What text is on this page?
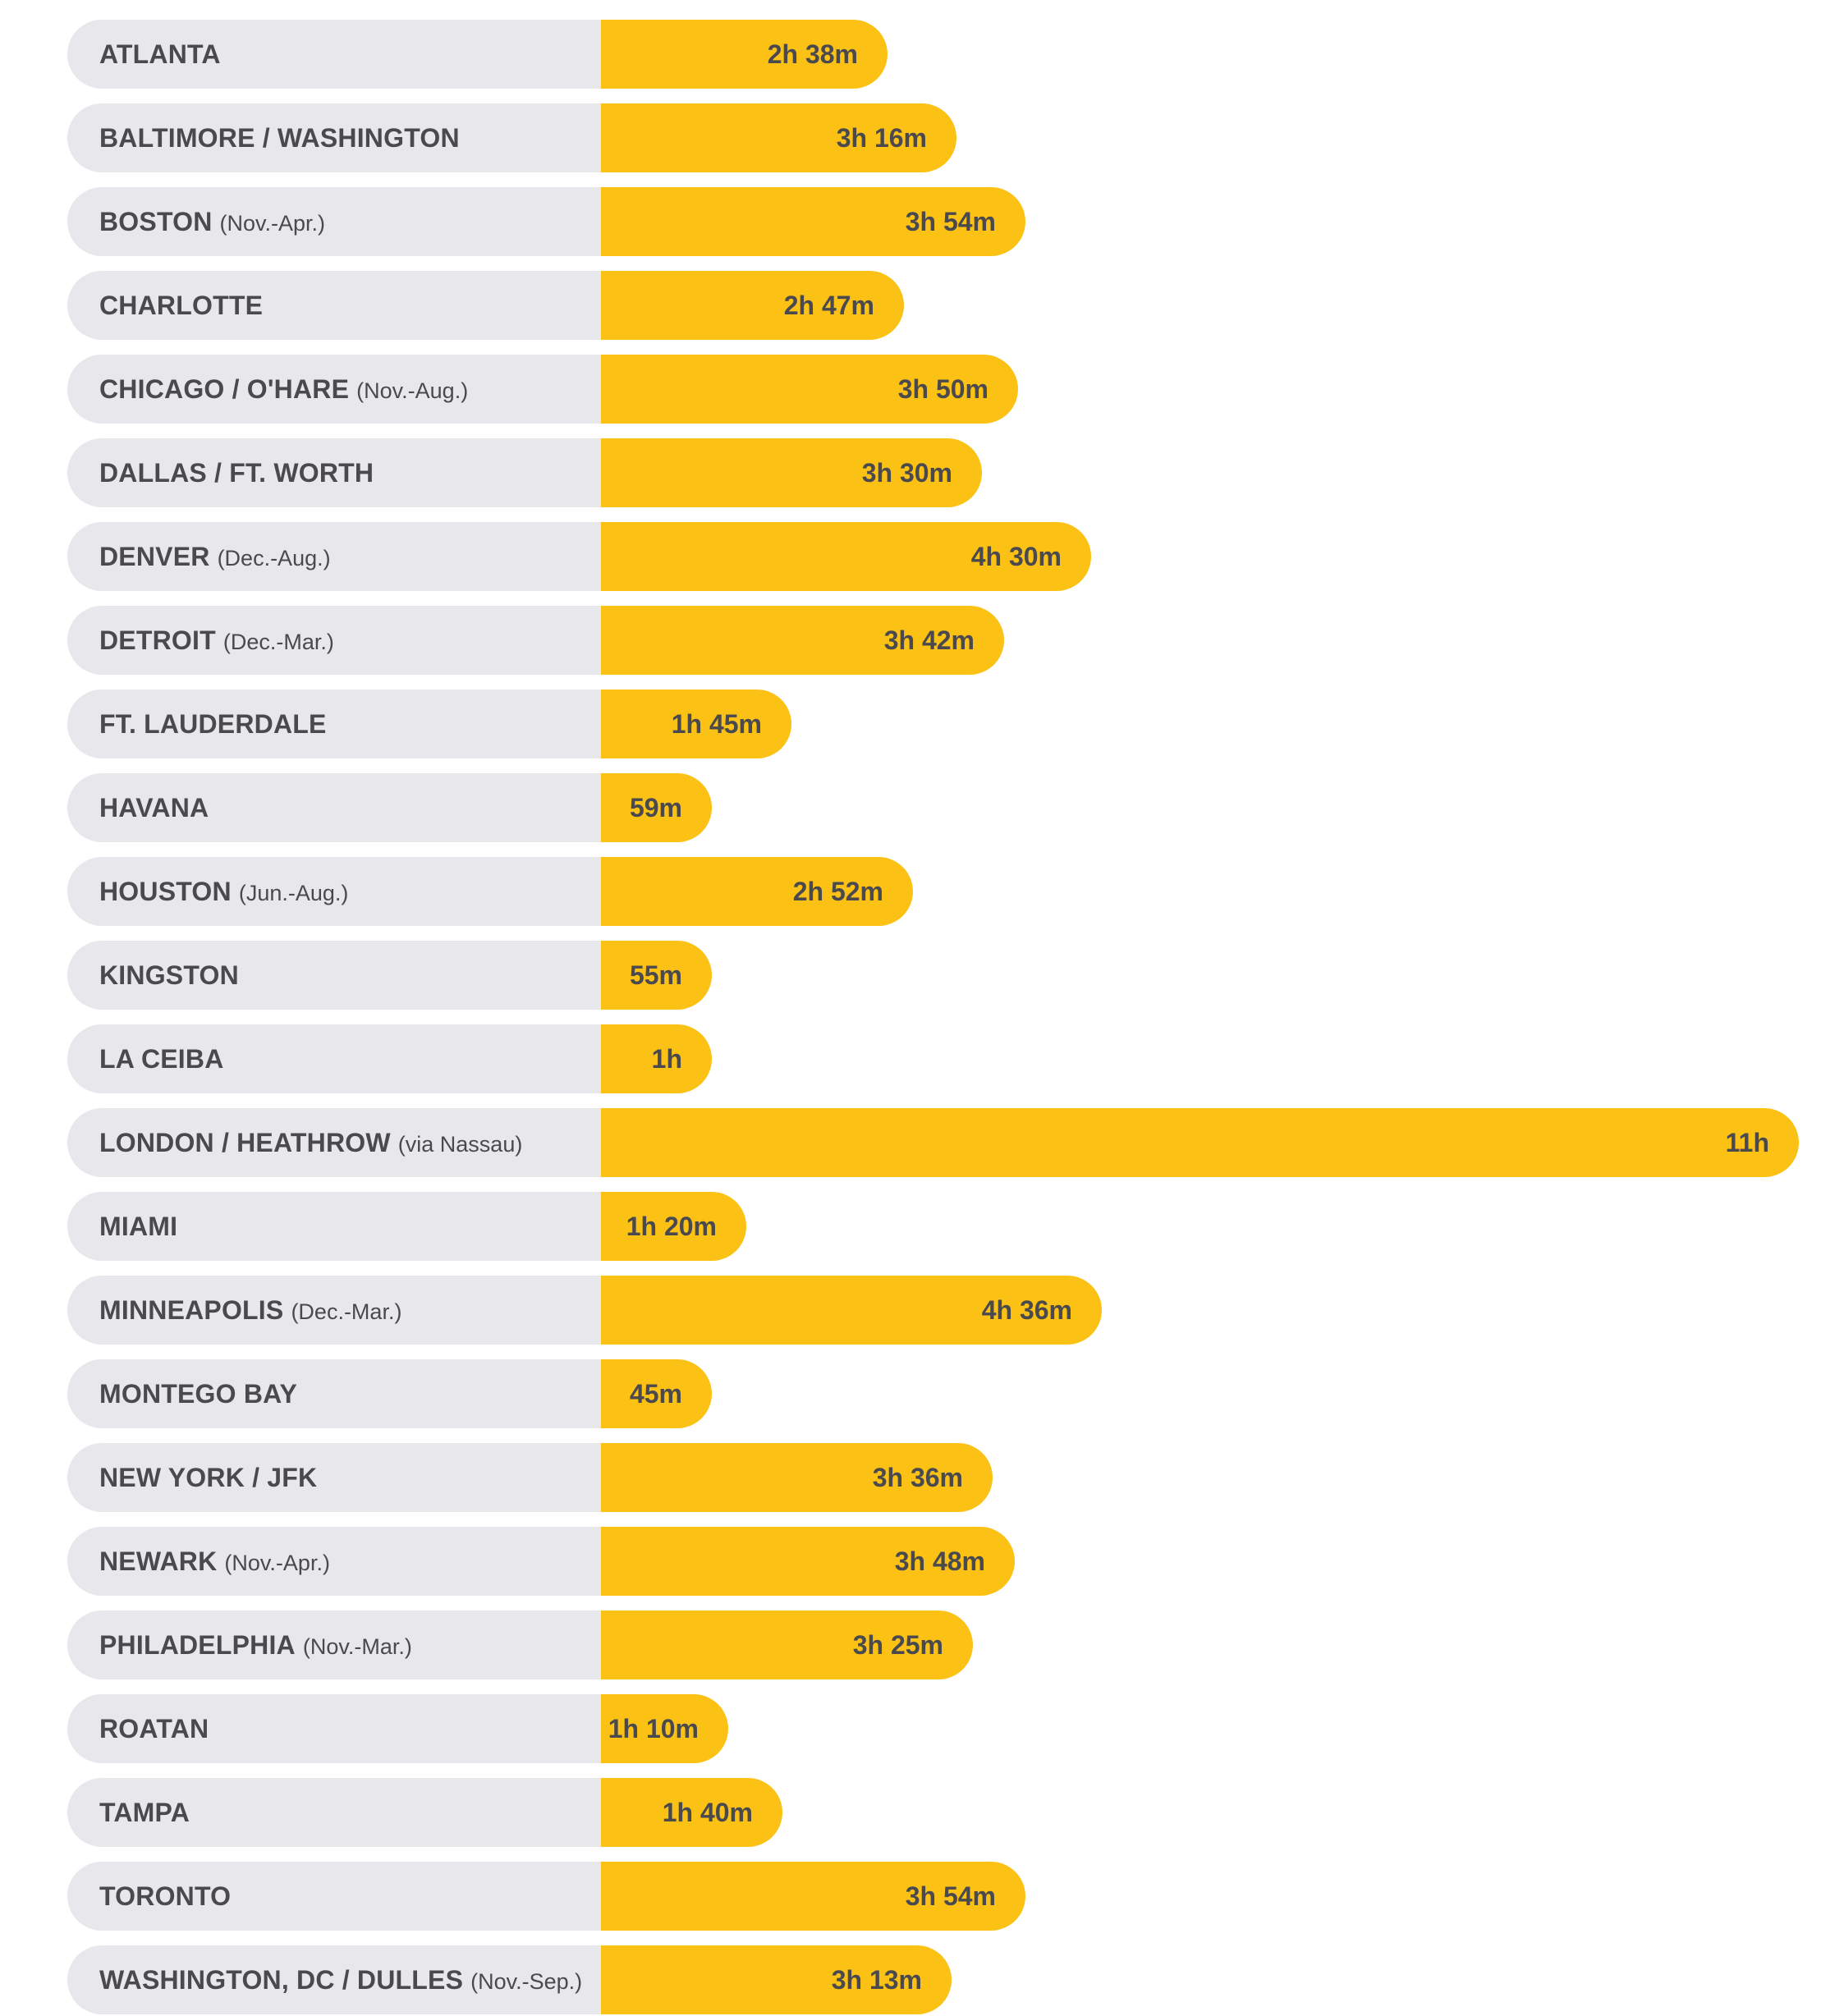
ATLANTA	2h 38m
BALTIMORE / WASHINGTON	3h 16m
BOSTON (Nov.-Apr.)	3h 54m
CHARLOTTE	2h 47m
CHICAGO / O'HARE (Nov.-Aug.)	3h 50m
DALLAS / FT. WORTH	3h 30m
DENVER (Dec.-Aug.)	4h 30m
DETROIT (Dec.-Mar.)	3h 42m
FT. LAUDERDALE	1h 45m
HAVANA	59m
HOUSTON (Jun.-Aug.)	2h 52m
KINGSTON	55m
LA CEIBA	1h
LONDON / HEATHROW (via Nassau)	11h
MIAMI	1h 20m
MINNEAPOLIS (Dec.-Mar.)	4h 36m
MONTEGO BAY	45m
NEW YORK / JFK	3h 36m
NEWARK (Nov.-Apr.)	3h 48m
PHILADELPHIA (Nov.-Mar.)	3h 25m
ROATAN	1h 10m
TAMPA	1h 40m
TORONTO	3h 54m
WASHINGTON, DC / DULLES (Nov.-Sep.)	3h 13m
